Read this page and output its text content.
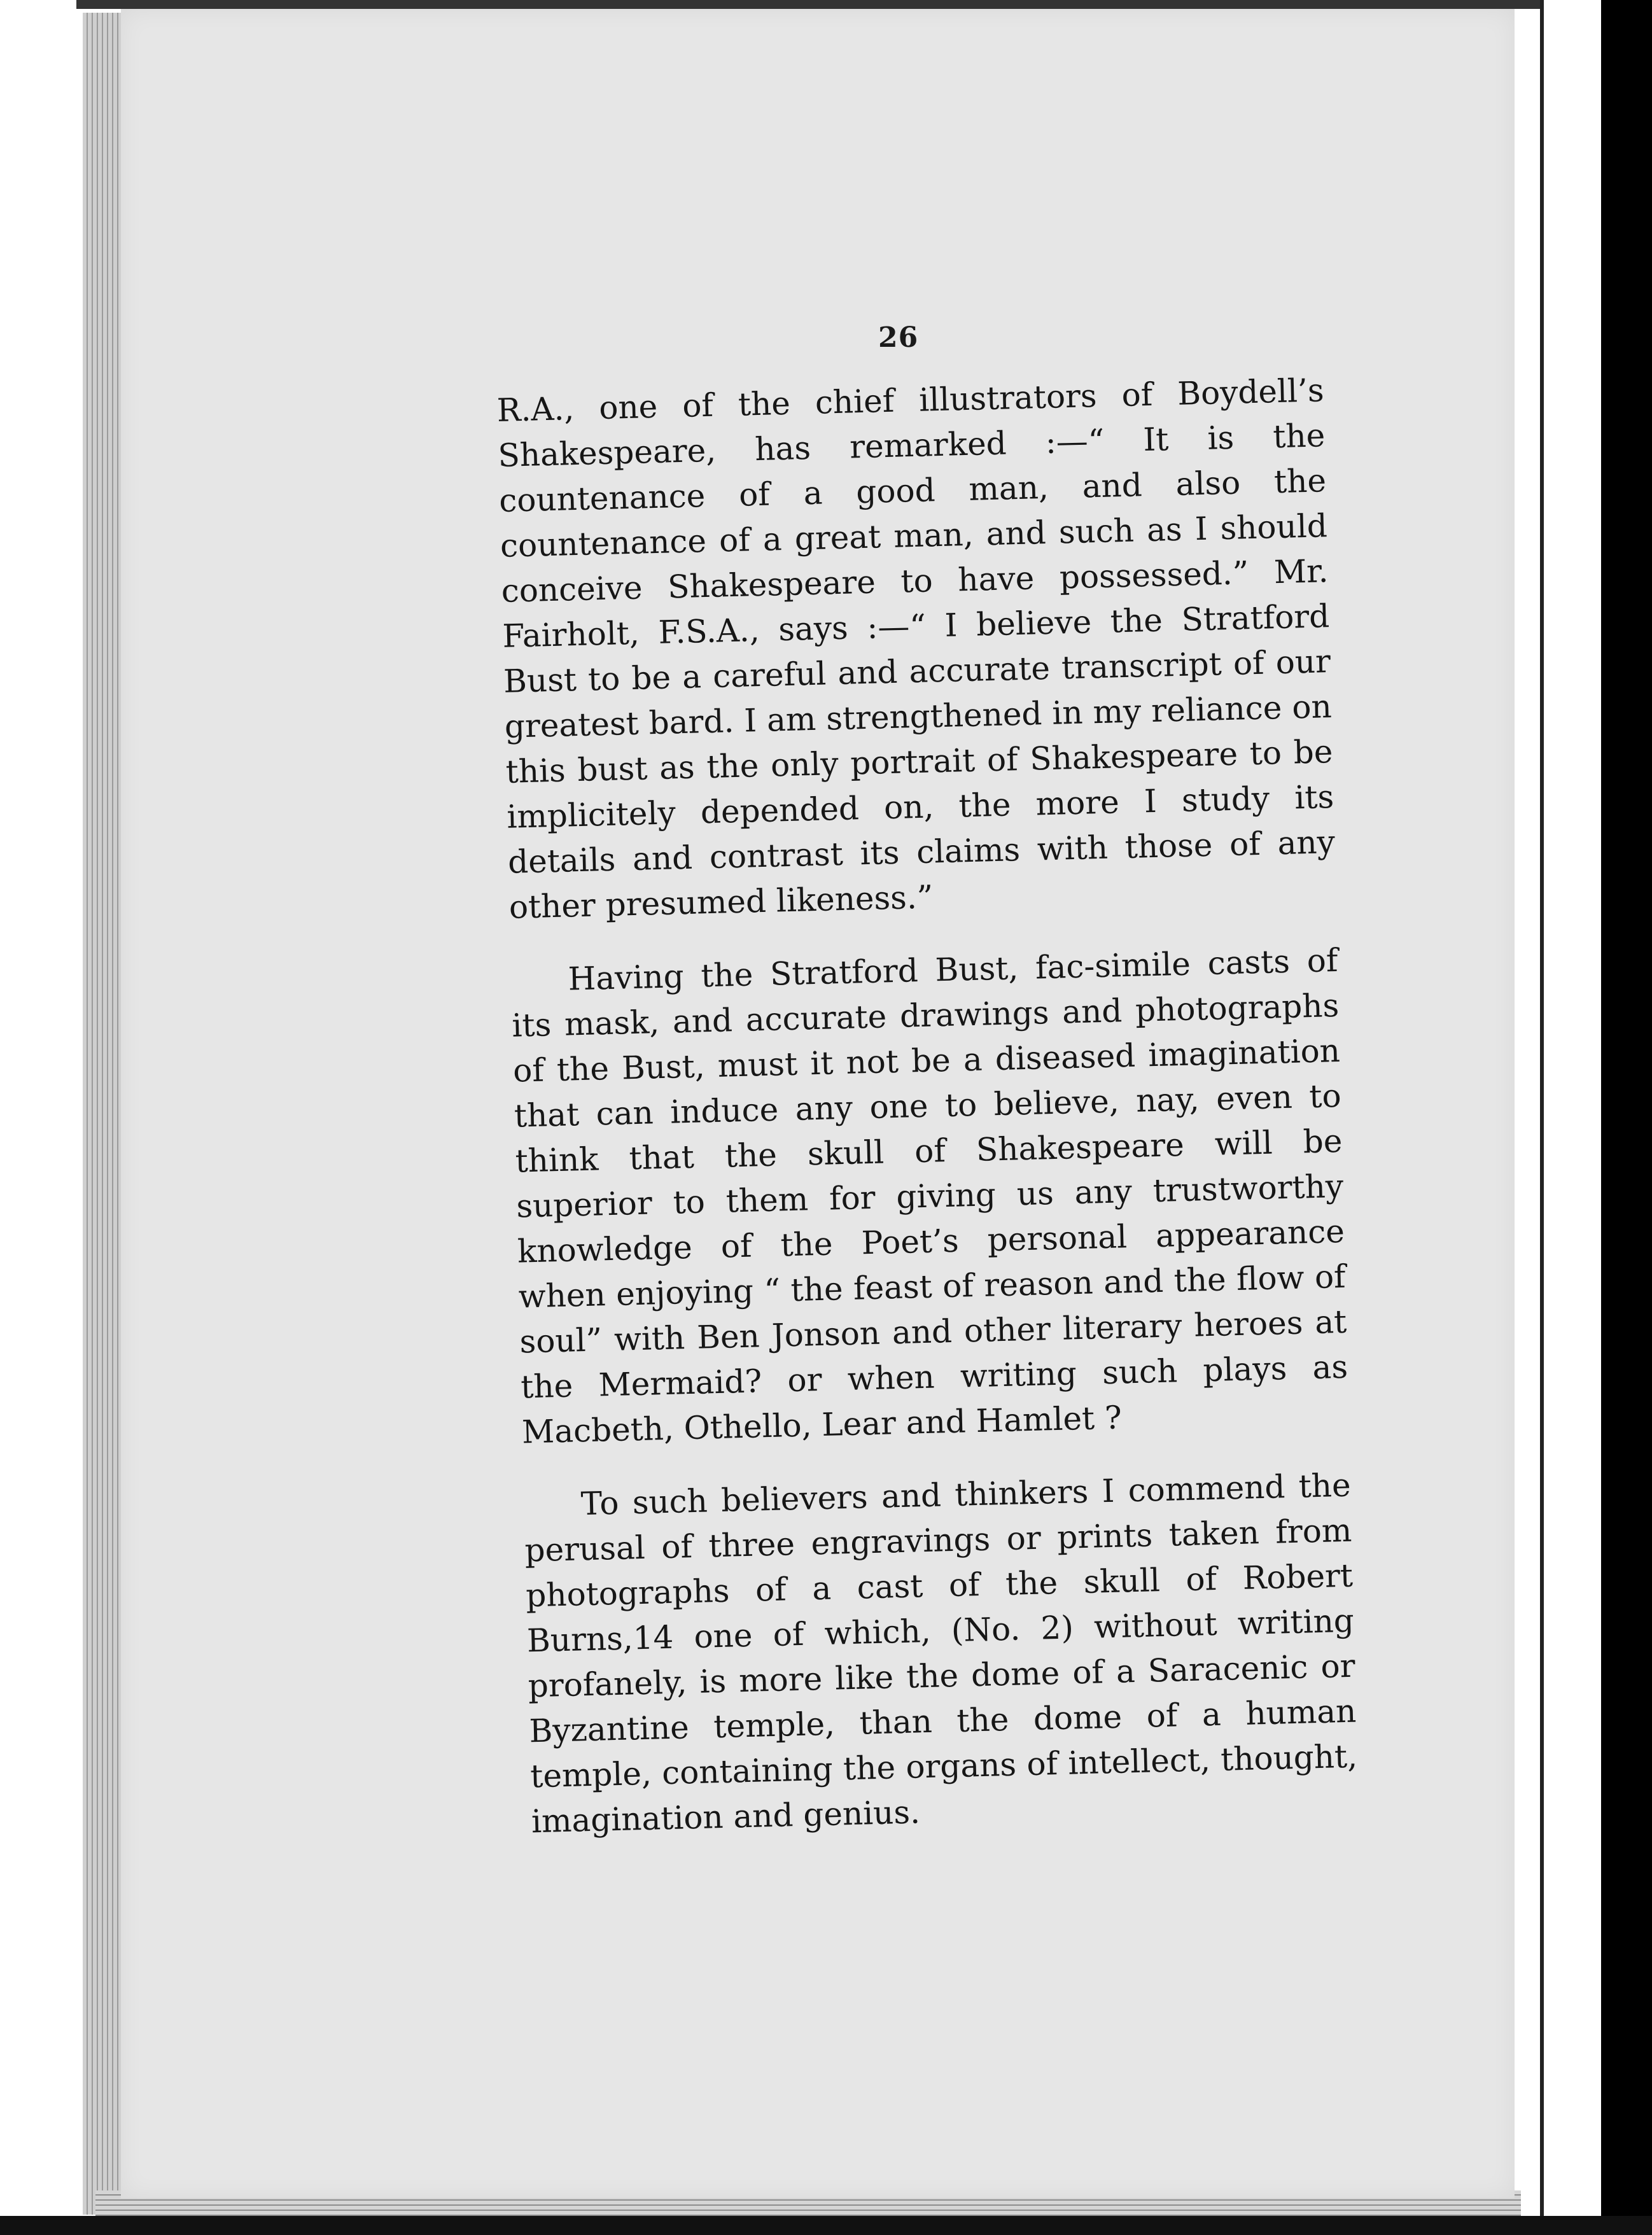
26

R.A., one of the chief illustrators of Boydell’s Shakespeare, has remarked :—“ It is the countenance of a good man, and also the countenance of a great man, and such as I should conceive Shakespeare to have possessed.” Mr. Fairholt, F.S.A., says :—“ I believe the Stratford Bust to be a careful and accurate transcript of our greatest bard. I am strengthened in my reliance on this bust as the only portrait of Shakespeare to be implicitely depended on, the more I study its details and contrast its claims with those of any other presumed likeness.”

Having the Stratford Bust, fac-simile casts of its mask, and accurate drawings and photographs of the Bust, must it not be a diseased imagination that can induce any one to believe, nay, even to think that the skull of Shakespeare will be superior to them for giving us any trustworthy knowledge of the Poet’s personal appearance when enjoying “ the feast of reason and the flow of soul” with Ben Jonson and other literary heroes at the Mermaid? or when writing such plays as Macbeth, Othello, Lear and Hamlet ?

To such believers and thinkers I commend the perusal of three engravings or prints taken from photographs of a cast of the skull of Robert Burns,14 one of which, (No. 2) without writing profanely, is more like the dome of a Saracenic or Byzantine temple, than the dome of a human temple, containing the organs of intellect, thought, imagination and genius.
